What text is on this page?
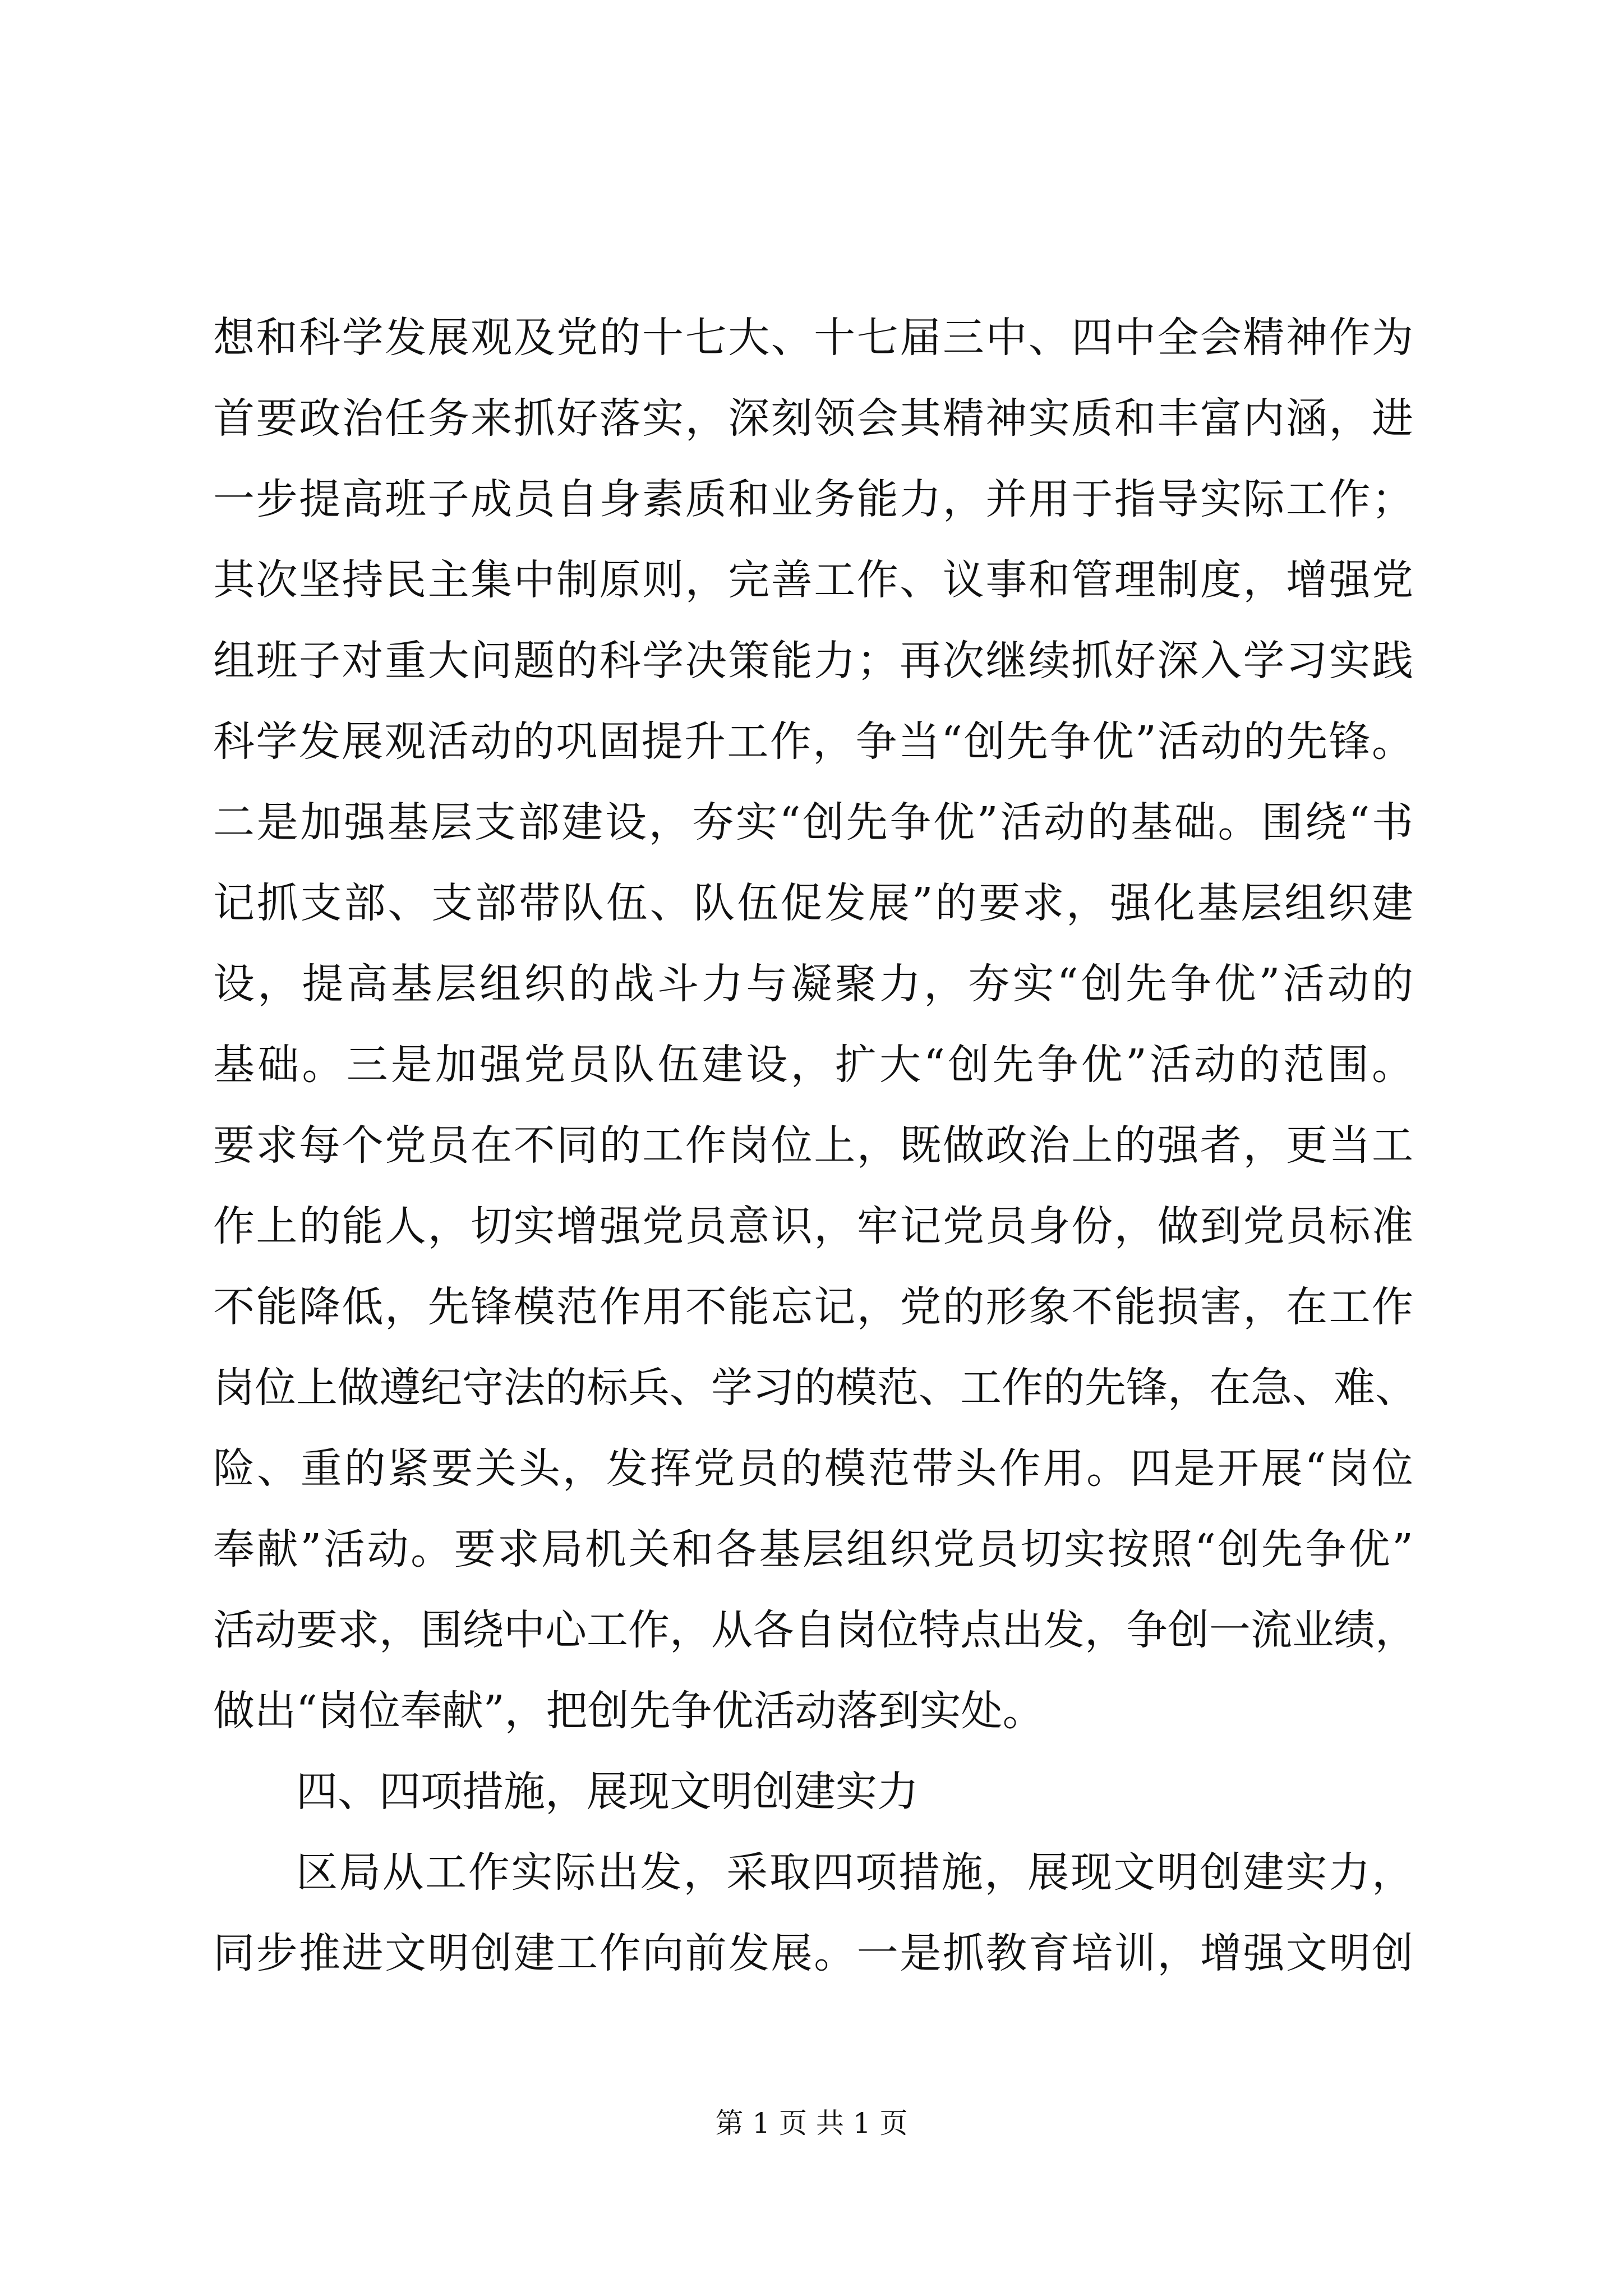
想和科学发展观及党的十七大、十七届三中、四中全会精神作为
首要政治任务来抓好落实，深刻领会其精神实质和丰富内涵，进
一步提高班子成员自身素质和业务能力，并用于指导实际工作；
其次坚持民主集中制原则，完善工作、议事和管理制度，增强党
组班子对重大问题的科学决策能力；再次继续抓好深入学习实践
科学发展观活动的巩固提升工作，争当“创先争优”活动的先锋。
二是加强基层支部建设，夯实“创先争优”活动的基础。围绕“书
记抓支部、支部带队伍、队伍促发展”的要求，强化基层组织建
设，提高基层组织的战斗力与凝聚力，夯实“创先争优”活动的
基础。三是加强党员队伍建设，扩大“创先争优”活动的范围。
要求每个党员在不同的工作岗位上，既做政治上的强者，更当工
作上的能人，切实增强党员意识，牢记党员身份，做到党员标准
不能降低，先锋模范作用不能忘记，党的形象不能损害，在工作
岗位上做遵纪守法的标兵、学习的模范、工作的先锋，在急、难、
险、重的紧要关头，发挥党员的模范带头作用。四是开展“岗位
奉献”活动。要求局机关和各基层组织党员切实按照“创先争优”
活动要求，围绕中心工作，从各自岗位特点出发，争创一流业绩，
做出“岗位奉献”，把创先争优活动落到实处。
四、四项措施，展现文明创建实力
区局从工作实际出发，采取四项措施，展现文明创建实力，
同步推进文明创建工作向前发展。一是抓教育培训，增强文明创
第 1 页 共 1 页
